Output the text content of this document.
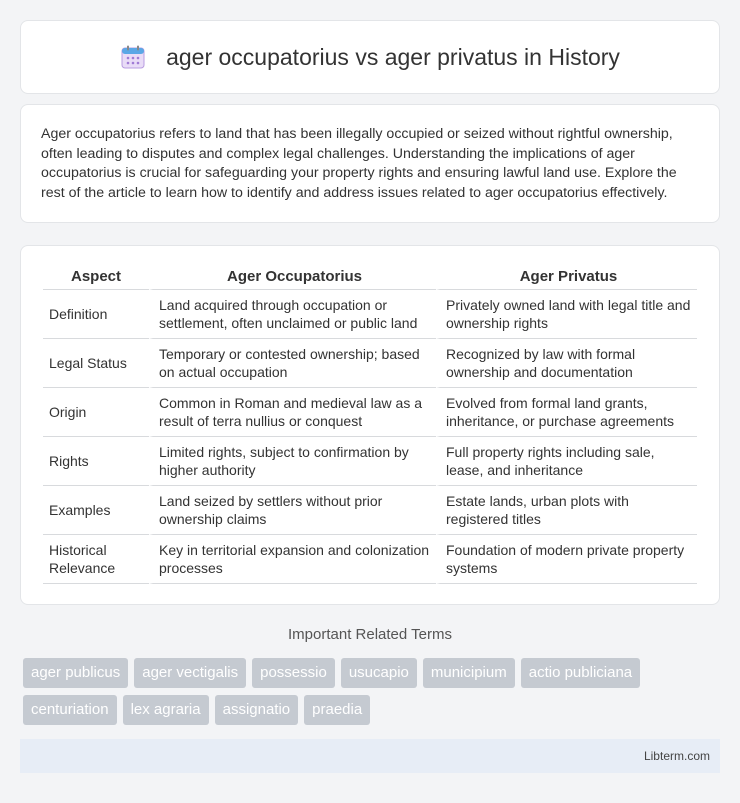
ager occupatorius vs ager privatus in History

Ager occupatorius refers to land that has been illegally occupied or seized without rightful ownership, often leading to disputes and complex legal challenges. Understanding the implications of ager occupatorius is crucial for safeguarding your property rights and ensuring lawful land use. Explore the rest of the article to learn how to identify and address issues related to ager occupatorius effectively.

Aspect	Ager Occupatorius	Ager Privatus
Definition	Land acquired through occupation or settlement, often unclaimed or public land	Privately owned land with legal title and ownership rights
Legal Status	Temporary or contested ownership; based on actual occupation	Recognized by law with formal ownership and documentation
Origin	Common in Roman and medieval law as a result of terra nullius or conquest	Evolved from formal land grants, inheritance, or purchase agreements
Rights	Limited rights, subject to confirmation by higher authority	Full property rights including sale, lease, and inheritance
Examples	Land seized by settlers without prior ownership claims	Estate lands, urban plots with registered titles
Historical Relevance	Key in territorial expansion and colonization processes	Foundation of modern private property systems
Important Related Terms
ager publicus	ager vectigalis	possessio	usucapio	municipium	actio publiciana
centuriation	lex agraria	assignatio	praedia
Libterm.com
